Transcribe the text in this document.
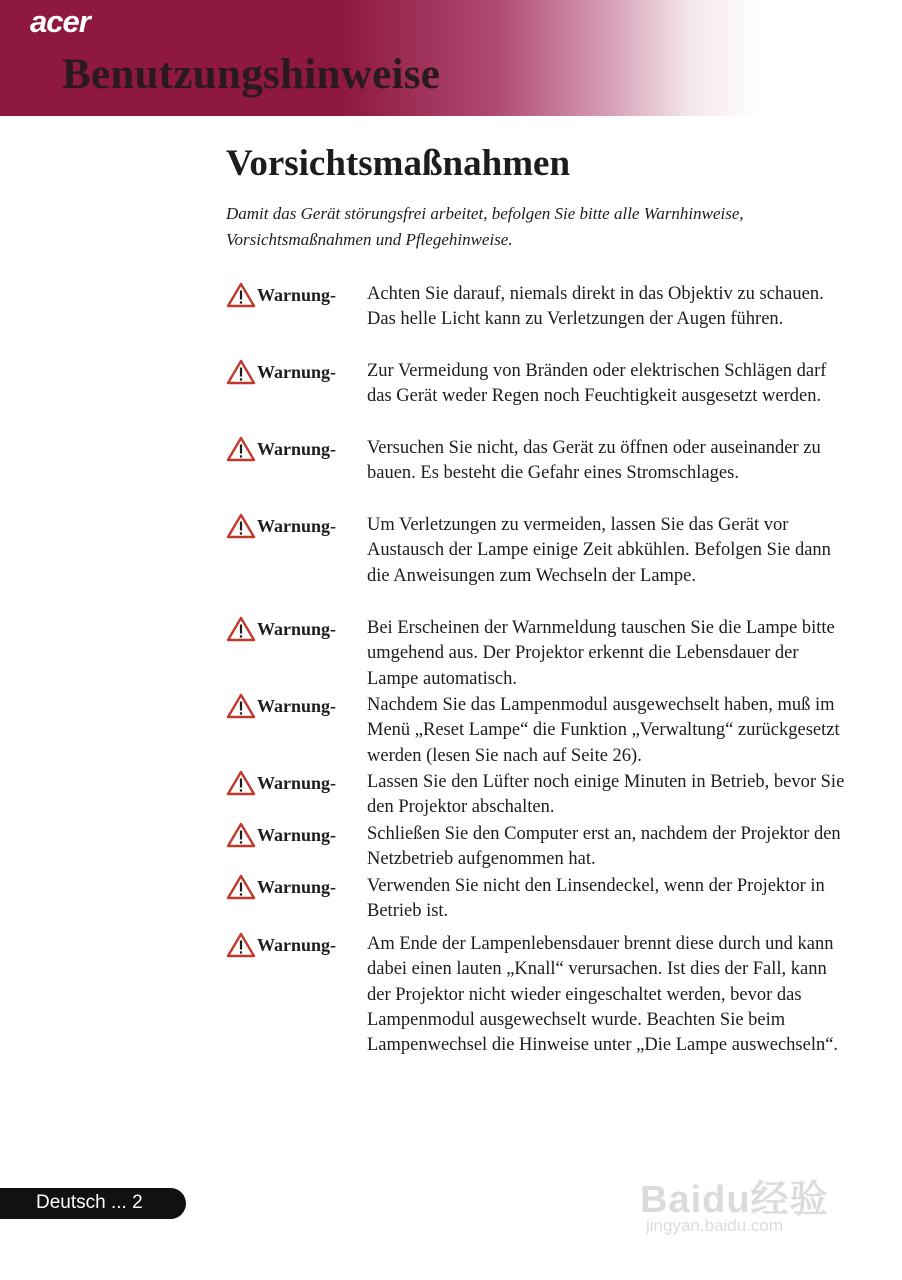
acer
Benutzungshinweise
Vorsichtsmaßnahmen
Damit das Gerät störungsfrei arbeitet, befolgen Sie bitte alle Warnhinweise, Vorsichtsmaßnahmen und Pflegehinweise.
Warnung- Achten Sie darauf, niemals direkt in das Objektiv zu schauen. Das helle Licht kann zu Verletzungen der Augen führen.
Warnung- Zur Vermeidung von Bränden oder elektrischen Schlägen darf das Gerät weder Regen noch Feuchtigkeit ausgesetzt werden.
Warnung- Versuchen Sie nicht, das Gerät zu öffnen oder auseinander zu bauen. Es besteht die Gefahr eines Stromschlages.
Warnung- Um Verletzungen zu vermeiden, lassen Sie das Gerät vor Austausch der Lampe einige Zeit abkühlen. Befolgen Sie dann die Anweisungen zum Wechseln der Lampe.
Warnung- Bei Erscheinen der Warnmeldung tauschen Sie die Lampe bitte umgehend aus. Der Projektor erkennt die Lebensdauer der Lampe automatisch.
Warnung- Nachdem Sie das Lampenmodul ausgewechselt haben, muß im Menü „Reset Lampe“ die Funktion „Verwaltung“ zurückgesetzt werden (lesen Sie nach auf Seite 26).
Warnung- Lassen Sie den Lüfter noch einige Minuten in Betrieb, bevor Sie den Projektor abschalten.
Warnung- Schließen Sie den Computer erst an, nachdem der Projektor den Netzbetrieb aufgenommen hat.
Warnung- Verwenden Sie nicht den Linsendeckel, wenn der Projektor in Betrieb ist.
Warnung- Am Ende der Lampenlebensdauer brennt diese durch und kann dabei einen lauten „Knall“ verursachen. Ist dies der Fall, kann der Projektor nicht wieder eingeschaltet werden, bevor das Lampenmodul ausgewechselt wurde. Beachten Sie beim Lampenwechsel die Hinweise unter „Die Lampe auswechseln“.
Deutsch ... 2	Baidu经验
jingyan.baidu.com
